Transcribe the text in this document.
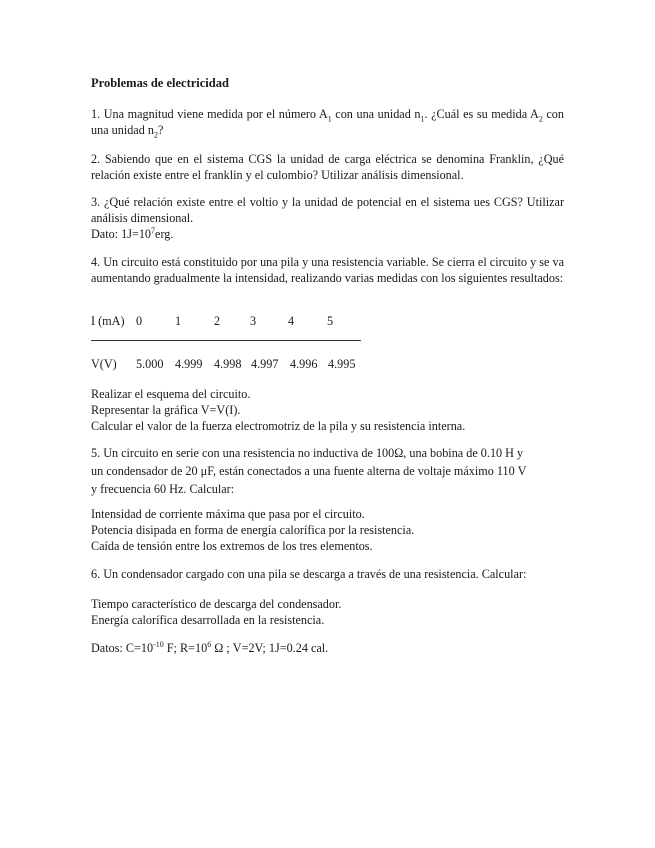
Problemas de electricidad
1. Una magnitud viene medida por el número $A_1$ con una unidad $n_1$. ¿Cuál es su medida $A_2$ con una unidad $n_2$?
2. Sabiendo que en el sistema CGS la unidad de carga eléctrica se denomina Franklin, ¿Qué relación existe entre el franklin y el culombio? Utilizar análisis dimensional.
3. ¿Qué relación existe entre el voltio y la unidad de potencial en el sistema ues CGS? Utilizar análisis dimensional.
Dato: $1J=10^7erg$.
4. Un circuito está constituido por una pila y una resistencia variable. Se cierra el circuito y se va aumentando gradualmente la intensidad, realizando varias medidas con los siguientes resultados:
I (mA) 0	1	2 3	4	5
V(V) 5.000 4.999 4.998 4.997 4.996 4.995
Realizar el esquema del circuito.
Representar la gráfica V=V(I).
Calcular el valor de la fuerza electromotriz de la pila y su resistencia interna.
5. Un circuito en serie con una resistencia no inductiva de 100Ω, una bobina de 0.10 H y
un condensador de 20 μF, están conectados a una fuente alterna de voltaje máximo 110 V
y frecuencia 60 Hz. Calcular:
Intensidad de corriente máxima que pasa por el circuito.
Potencia disipada en forma de energía calorífica por la resistencia.
Caída de tensión entre los extremos de los tres elementos.
6. Un condensador cargado con una pila se descarga a través de una resistencia. Calcular:
Tiempo característico de descarga del condensador.
Energía calorífica desarrollada en la resistencia.
Datos: $C=10^{-10}$ F; $R=10^6$ Ω ; V=2V; 1J=0.24 cal.
